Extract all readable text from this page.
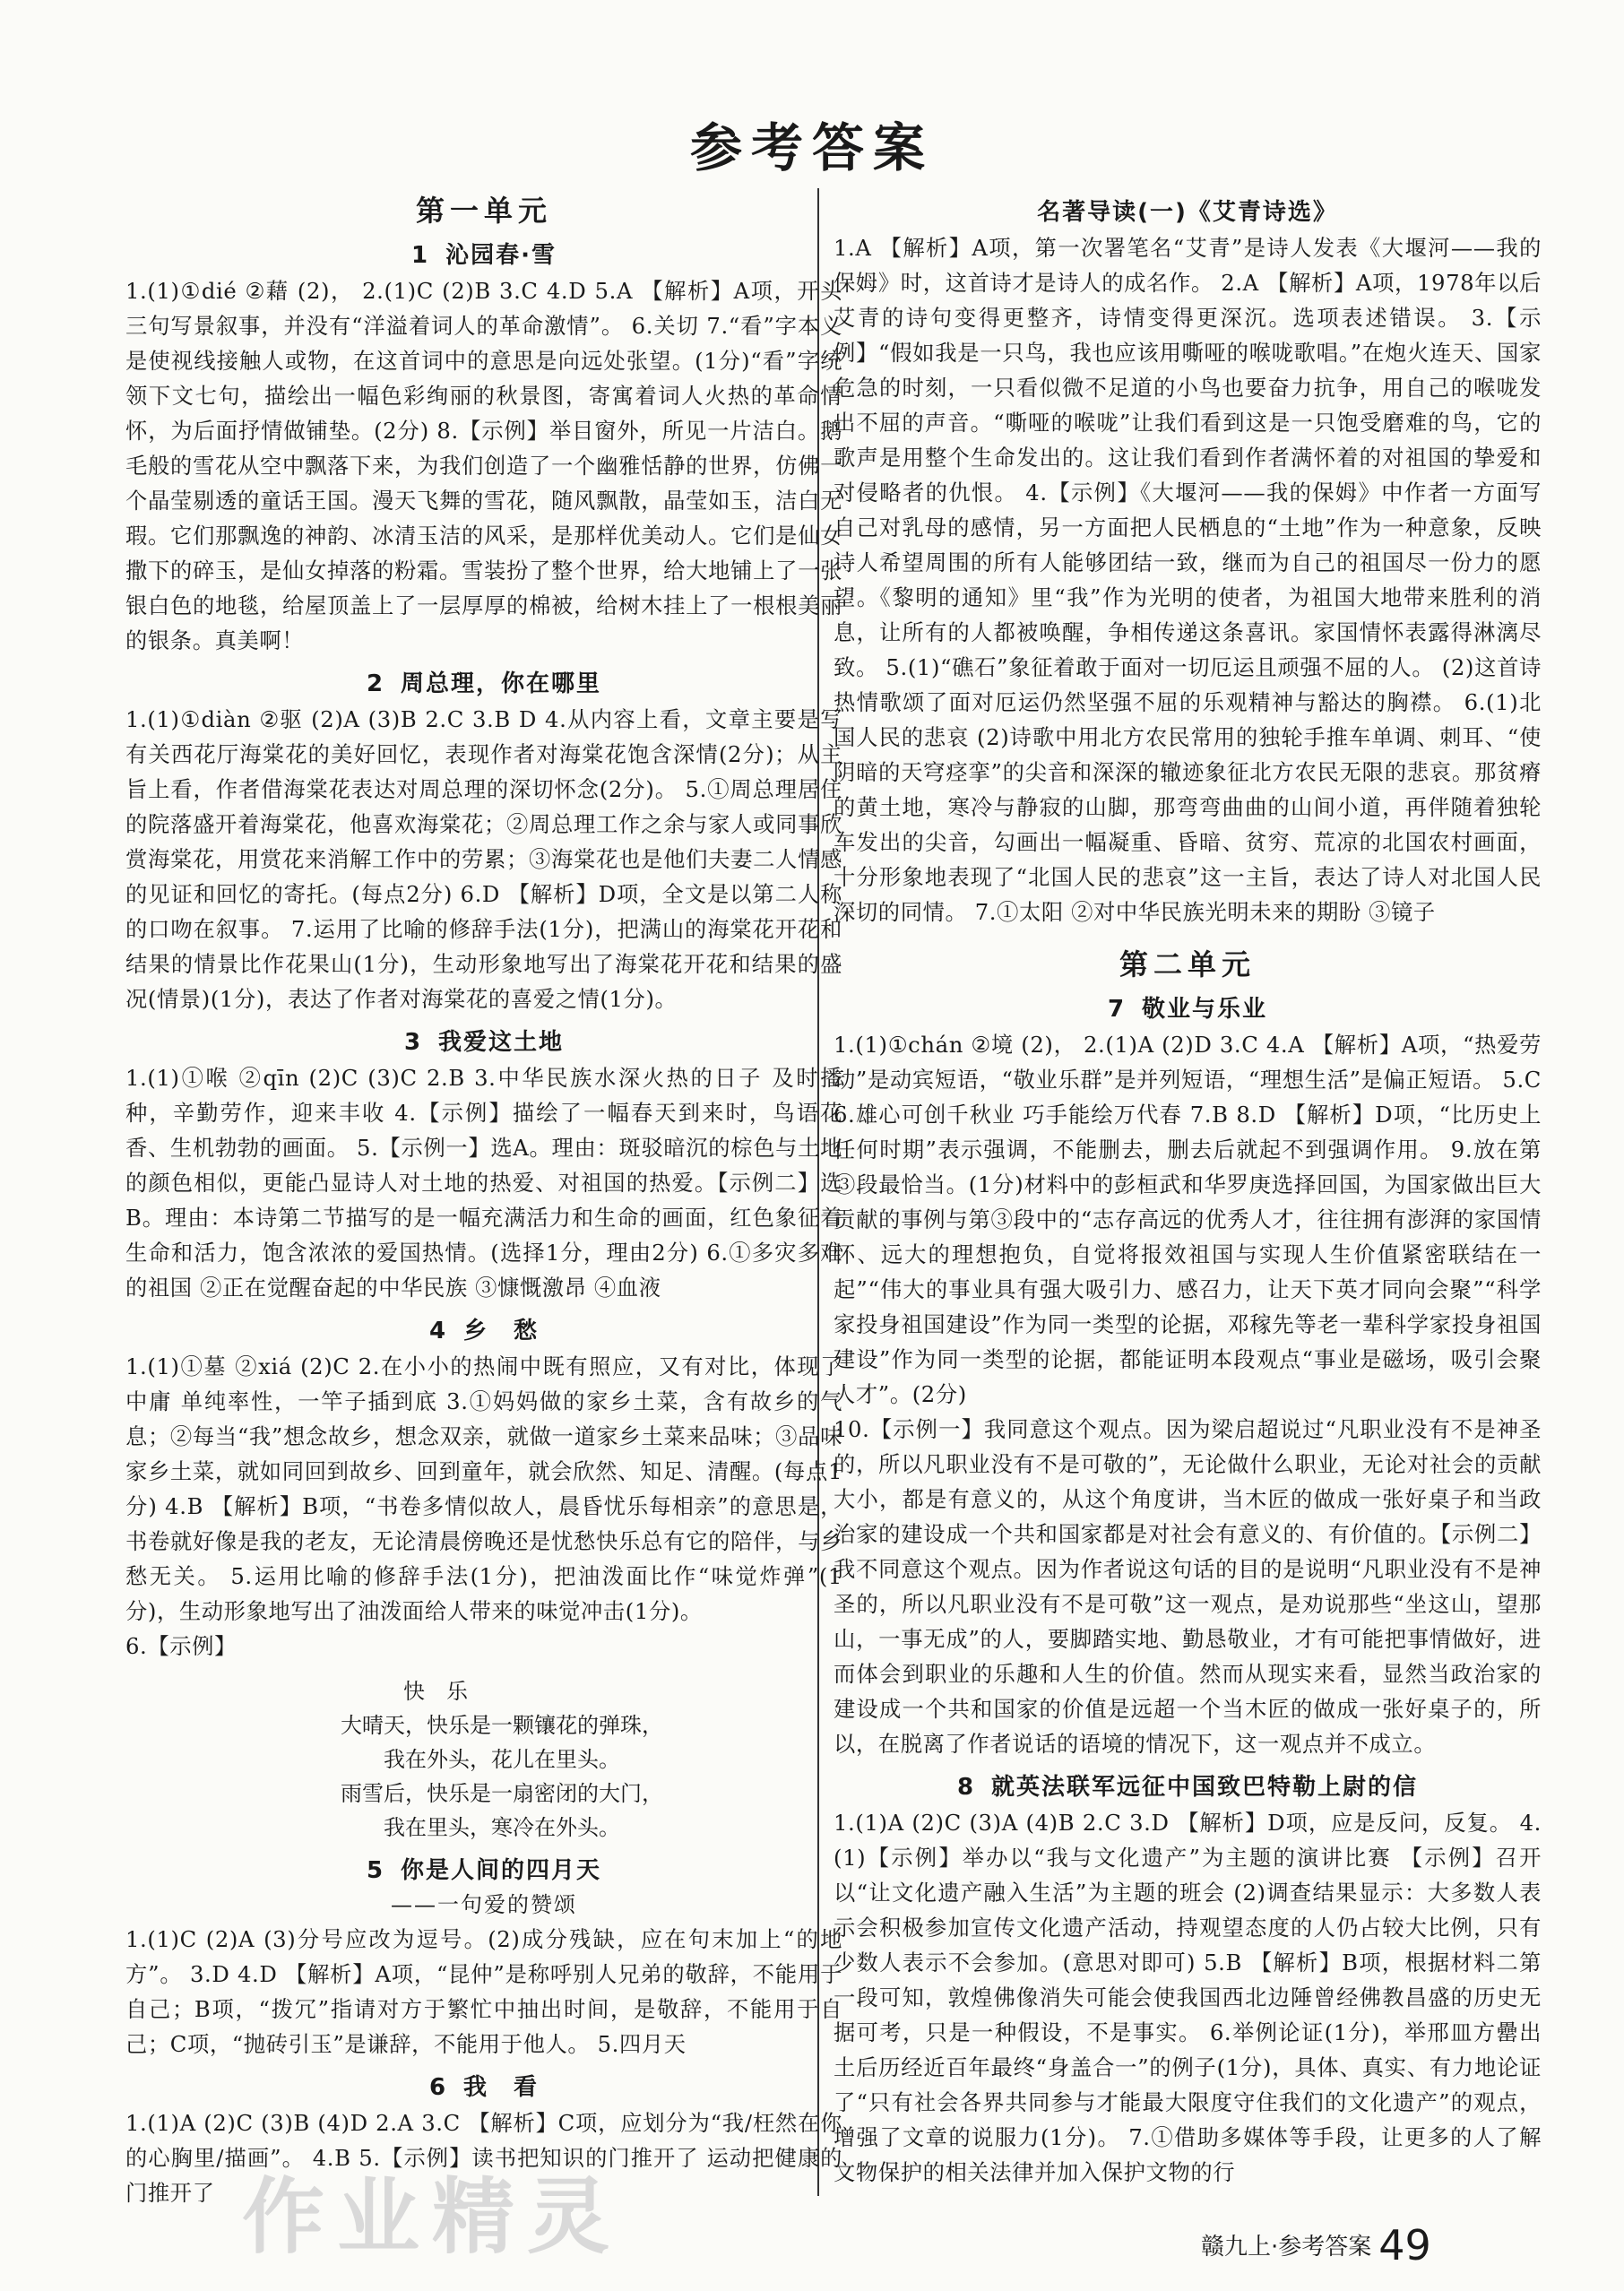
参考答案
第一单元
1 沁园春·雪

1.(1)①dié ②藉 (2)， 2.(1)C (2)B 3.C 4.D 5.A 【解析】A项，开头三句写景叙事，并没有“洋溢着词人的革命激情”。 6.关切 7.“看”字本义是使视线接触人或物，在这首词中的意思是向远处张望。(1分)“看”字统领下文七句，描绘出一幅色彩绚丽的秋景图，寄寓着词人火热的革命情怀，为后面抒情做铺垫。(2分) 8.【示例】举目窗外，所见一片洁白。鹅毛般的雪花从空中飘落下来，为我们创造了一个幽雅恬静的世界，仿佛一个晶莹剔透的童话王国。漫天飞舞的雪花，随风飘散，晶莹如玉，洁白无瑕。它们那飘逸的神韵、冰清玉洁的风采，是那样优美动人。它们是仙女撒下的碎玉，是仙女掉落的粉霜。雪装扮了整个世界，给大地铺上了一张银白色的地毯，给屋顶盖上了一层厚厚的棉被，给树木挂上了一根根美丽的银条。真美啊！

2 周总理，你在哪里

1.(1)①diàn ②驱 (2)A (3)B 2.C 3.B D 4.从内容上看，文章主要是写有关西花厅海棠花的美好回忆，表现作者对海棠花饱含深情(2分)；从主旨上看，作者借海棠花表达对周总理的深切怀念(2分)。 5.①周总理居住的院落盛开着海棠花，他喜欢海棠花；②周总理工作之余与家人或同事欣赏海棠花，用赏花来消解工作中的劳累；③海棠花也是他们夫妻二人情感的见证和回忆的寄托。(每点2分) 6.D 【解析】D项，全文是以第二人称的口吻在叙事。 7.运用了比喻的修辞手法(1分)，把满山的海棠花开花和结果的情景比作花果山(1分)，生动形象地写出了海棠花开花和结果的盛况(情景)(1分)，表达了作者对海棠花的喜爱之情(1分)。

3 我爱这土地

1.(1)①喉 ②qīn (2)C (3)C 2.B 3.中华民族水深火热的日子 及时播种，辛勤劳作，迎来丰收 4.【示例】描绘了一幅春天到来时，鸟语花香、生机勃勃的画面。 5.【示例一】选A。理由：斑驳暗沉的棕色与土地的颜色相似，更能凸显诗人对土地的热爱、对祖国的热爱。【示例二】选B。理由：本诗第二节描写的是一幅充满活力和生命的画面，红色象征着生命和活力，饱含浓浓的爱国热情。(选择1分，理由2分) 6.①多灾多难的祖国 ②正在觉醒奋起的中华民族 ③慷慨激昂 ④血液

4 乡　愁

1.(1)①墓 ②xiá (2)C 2.在小小的热闹中既有照应，又有对比，体现了中庸 单纯率性，一竿子插到底 3.①妈妈做的家乡土菜，含有故乡的气息；②每当“我”想念故乡，想念双亲，就做一道家乡土菜来品味；③品味家乡土菜，就如同回到故乡、回到童年，就会欣然、知足、清醒。(每点1分) 4.B 【解析】B项，“书卷多情似故人，晨昏忧乐每相亲”的意思是，书卷就好像是我的老友，无论清晨傍晚还是忧愁快乐总有它的陪伴，与乡愁无关。 5.运用比喻的修辞手法(1分)，把油泼面比作“味觉炸弹”(1分)，生动形象地写出了油泼面给人带来的味觉冲击(1分)。

6.【示例】

快　乐
大晴天，快乐是一颗镶花的弹珠，
我在外头，花儿在里头。
雨雪后，快乐是一扇密闭的大门，
我在里头，寒冷在外头。
5 你是人间的四月天
——一句爱的赞颂

1.(1)C (2)A (3)分号应改为逗号。(2)成分残缺，应在句末加上“的地方”。 3.D 4.D 【解析】A项，“昆仲”是称呼别人兄弟的敬辞，不能用于自己；B项，“拨冗”指请对方于繁忙中抽出时间，是敬辞，不能用于自己；C项，“抛砖引玉”是谦辞，不能用于他人。 5.四月天

6 我　看

1.(1)A (2)C (3)B (4)D 2.A 3.C 【解析】C项，应划分为“我/枉然在你的心胸里/描画”。 4.B 5.【示例】读书把知识的门推开了 运动把健康的门推开了

名著导读(一)《艾青诗选》

1.A 【解析】A项，第一次署笔名“艾青”是诗人发表《大堰河——我的保姆》时，这首诗才是诗人的成名作。 2.A 【解析】A项，1978年以后艾青的诗句变得更整齐，诗情变得更深沉。选项表述错误。 3.【示例】“假如我是一只鸟，我也应该用嘶哑的喉咙歌唱。”在炮火连天、国家危急的时刻，一只看似微不足道的小鸟也要奋力抗争，用自己的喉咙发出不屈的声音。“嘶哑的喉咙”让我们看到这是一只饱受磨难的鸟，它的歌声是用整个生命发出的。这让我们看到作者满怀着的对祖国的挚爱和对侵略者的仇恨。 4.【示例】《大堰河——我的保姆》中作者一方面写自己对乳母的感情，另一方面把人民栖息的“土地”作为一种意象，反映诗人希望周围的所有人能够团结一致，继而为自己的祖国尽一份力的愿望。《黎明的通知》里“我”作为光明的使者，为祖国大地带来胜利的消息，让所有的人都被唤醒，争相传递这条喜讯。家国情怀表露得淋漓尽致。 5.(1)“礁石”象征着敢于面对一切厄运且顽强不屈的人。 (2)这首诗热情歌颂了面对厄运仍然坚强不屈的乐观精神与豁达的胸襟。 6.(1)北国人民的悲哀 (2)诗歌中用北方农民常用的独轮手推车单调、刺耳、“使阴暗的天穹痉挛”的尖音和深深的辙迹象征北方农民无限的悲哀。那贫瘠的黄土地，寒冷与静寂的山脚，那弯弯曲曲的山间小道，再伴随着独轮车发出的尖音，勾画出一幅凝重、昏暗、贫穷、荒凉的北国农村画面，十分形象地表现了“北国人民的悲哀”这一主旨，表达了诗人对北国人民深切的同情。 7.①太阳 ②对中华民族光明未来的期盼 ③镜子

第二单元
7 敬业与乐业

1.(1)①chán ②境 (2)， 2.(1)A (2)D 3.C 4.A 【解析】A项，“热爱劳动”是动宾短语，“敬业乐群”是并列短语，“理想生活”是偏正短语。 5.C 6.雄心可创千秋业 巧手能绘万代春 7.B 8.D 【解析】D项，“比历史上任何时期”表示强调，不能删去，删去后就起不到强调作用。 9.放在第③段最恰当。(1分)材料中的彭桓武和华罗庚选择回国，为国家做出巨大贡献的事例与第③段中的“志存高远的优秀人才，往往拥有澎湃的家国情怀、远大的理想抱负，自觉将报效祖国与实现人生价值紧密联结在一起”“伟大的事业具有强大吸引力、感召力，让天下英才同向会聚”“科学家投身祖国建设”作为同一类型的论据，邓稼先等老一辈科学家投身祖国建设”作为同一类型的论据，都能证明本段观点“事业是磁场，吸引会聚人才”。(2分)

10.【示例一】我同意这个观点。因为梁启超说过“凡职业没有不是神圣的，所以凡职业没有不是可敬的”，无论做什么职业，无论对社会的贡献大小，都是有意义的，从这个角度讲，当木匠的做成一张好桌子和当政治家的建设成一个共和国家都是对社会有意义的、有价值的。【示例二】我不同意这个观点。因为作者说这句话的目的是说明“凡职业没有不是神圣的，所以凡职业没有不是可敬”这一观点，是劝说那些“坐这山，望那山，一事无成”的人，要脚踏实地、勤恳敬业，才有可能把事情做好，进而体会到职业的乐趣和人生的价值。然而从现实来看，显然当政治家的建设成一个共和国家的价值是远超一个当木匠的做成一张好桌子的，所以，在脱离了作者说话的语境的情况下，这一观点并不成立。

8 就英法联军远征中国致巴特勒上尉的信

1.(1)A (2)C (3)A (4)B 2.C 3.D 【解析】D项，应是反问，反复。 4.(1)【示例】举办以“我与文化遗产”为主题的演讲比赛 【示例】召开以“让文化遗产融入生活”为主题的班会 (2)调查结果显示：大多数人表示会积极参加宣传文化遗产活动，持观望态度的人仍占较大比例，只有少数人表示不会参加。(意思对即可) 5.B 【解析】B项，根据材料二第一段可知，敦煌佛像消失可能会使我国西北边陲曾经佛教昌盛的历史无据可考，只是一种假设，不是事实。 6.举例论证(1分)，举邢皿方罍出土后历经近百年最终“身盖合一”的例子(1分)，具体、真实、有力地论证了“只有社会各界共同参与才能最大限度守住我们的文化遗产”的观点，增强了文章的说服力(1分)。 7.①借助多媒体等手段，让更多的人了解文物保护的相关法律并加入保护文物的行

作业精灵	赣九上·参考答案 49
